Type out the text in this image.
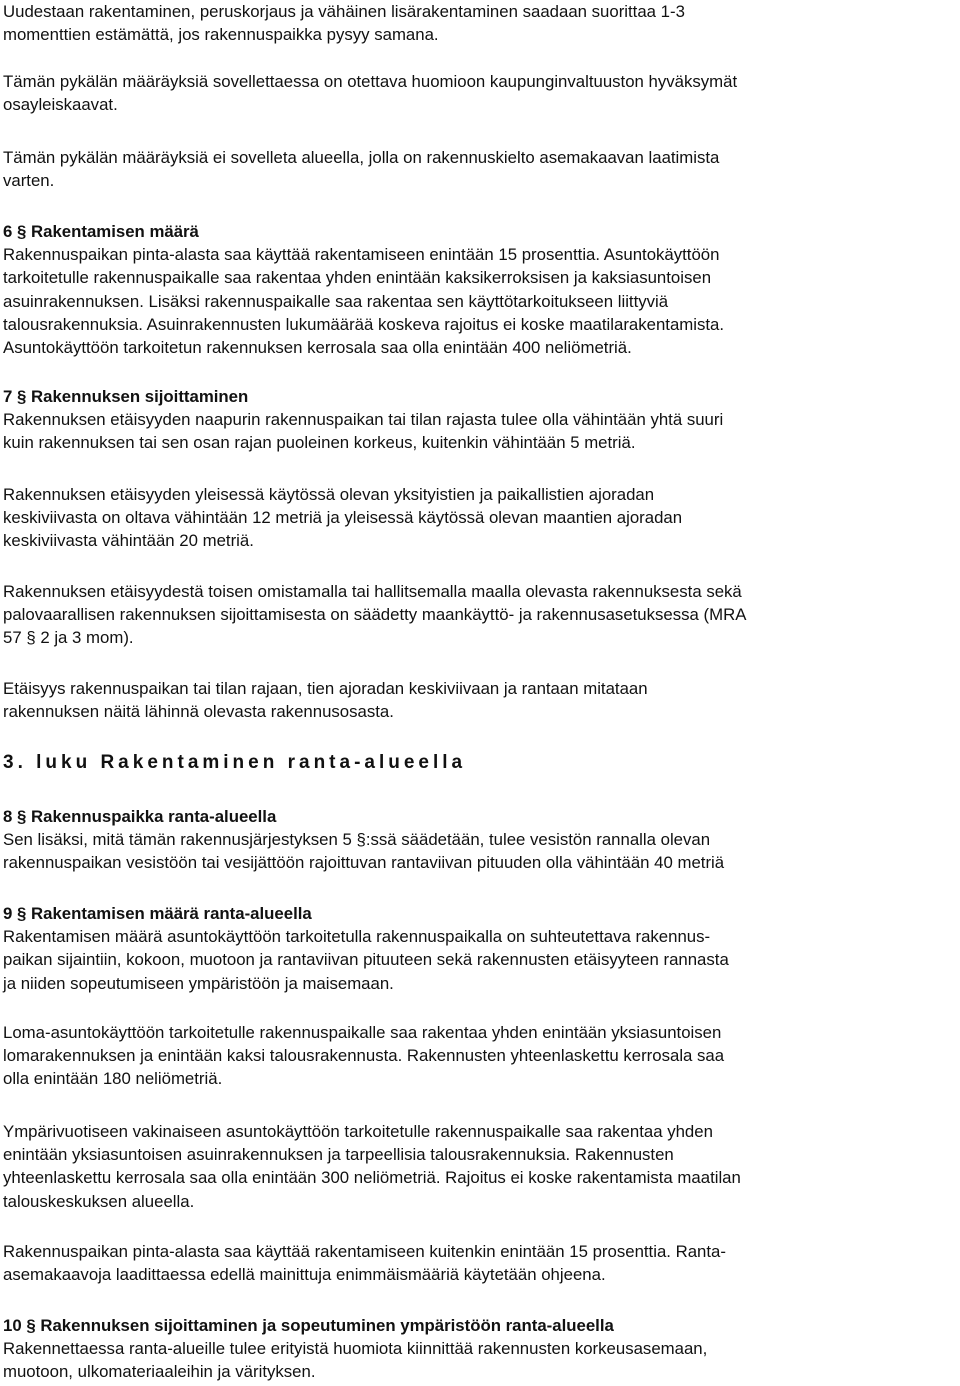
Uudestaan rakentaminen, peruskorjaus ja vähäinen lisärakentaminen saadaan suorittaa 1-3

momenttien estämättä, jos rakennuspaikka pysyy samana.

Tämän pykälän määräyksiä sovellettaessa on otettava huomioon kaupunginvaltuuston hyväksymät

osayleiskaavat.

Tämän pykälän määräyksiä ei sovelleta alueella, jolla on rakennuskielto asemakaavan laatimista

varten.

6 § Rakentamisen määrä

Rakennuspaikan pinta-alasta saa käyttää rakentamiseen enintään 15 prosenttia. Asuntokäyttöön

tarkoitetulle rakennuspaikalle saa rakentaa yhden enintään kaksikerroksisen ja kaksiasuntoisen

asuinrakennuksen. Lisäksi rakennuspaikalle saa rakentaa sen käyttötarkoitukseen liittyviä

talousrakennuksia. Asuinrakennusten lukumäärää koskeva rajoitus ei koske maatilarakentamista.

Asuntokäyttöön tarkoitetun rakennuksen kerrosala saa olla enintään 400 neliömetriä.

7 § Rakennuksen sijoittaminen

Rakennuksen etäisyyden naapurin rakennuspaikan tai tilan rajasta tulee olla vähintään yhtä suuri

kuin rakennuksen tai sen osan rajan puoleinen korkeus, kuitenkin vähintään 5 metriä.

Rakennuksen etäisyyden yleisessä käytössä olevan yksityistien ja paikallistien ajoradan

keskiviivasta on oltava vähintään 12 metriä ja yleisessä käytössä olevan maantien ajoradan

keskiviivasta vähintään 20 metriä.

Rakennuksen etäisyydestä toisen omistamalla tai hallitsemalla maalla olevasta rakennuksesta sekä

palovaarallisen rakennuksen sijoittamisesta on säädetty maankäyttö- ja rakennusasetuksessa (MRA

57 § 2 ja 3 mom).

Etäisyys rakennuspaikan tai tilan rajaan, tien ajoradan keskiviivaan ja rantaan mitataan

rakennuksen näitä lähinnä olevasta rakennusosasta.

3. luku Rakentaminen ranta-alueella

8 § Rakennuspaikka ranta-alueella

Sen lisäksi, mitä tämän rakennusjärjestyksen 5 §:ssä säädetään, tulee vesistön rannalla olevan

rakennuspaikan vesistöön tai vesijättöön rajoittuvan rantaviivan pituuden olla vähintään 40 metriä

9 § Rakentamisen määrä ranta-alueella

Rakentamisen määrä asuntokäyttöön tarkoitetulla rakennuspaikalla on suhteutettava rakennus-

paikan sijaintiin, kokoon, muotoon ja rantaviivan pituuteen sekä rakennusten etäisyyteen rannasta

ja niiden sopeutumiseen ympäristöön ja maisemaan.

Loma-asuntokäyttöön tarkoitetulle rakennuspaikalle saa rakentaa yhden enintään yksiasuntoisen

lomarakennuksen ja enintään kaksi talousrakennusta. Rakennusten yhteenlaskettu kerrosala saa

olla enintään 180 neliömetriä.

Ympärivuotiseen vakinaiseen asuntokäyttöön tarkoitetulle rakennuspaikalle saa rakentaa yhden

enintään yksiasuntoisen asuinrakennuksen ja tarpeellisia talousrakennuksia. Rakennusten

yhteenlaskettu kerrosala saa olla enintään 300 neliömetriä. Rajoitus ei koske rakentamista maatilan

talouskeskuksen alueella.

Rakennuspaikan pinta-alasta saa käyttää rakentamiseen kuitenkin enintään 15 prosenttia. Ranta-

asemakaavoja laadittaessa edellä mainittuja enimmäismääriä käytetään ohjeena.

10 § Rakennuksen sijoittaminen ja sopeutuminen ympäristöön ranta-alueella

Rakennettaessa ranta-alueille tulee erityistä huomiota kiinnittää rakennusten korkeusasemaan,

muotoon, ulkomateriaaleihin ja värityksen.
